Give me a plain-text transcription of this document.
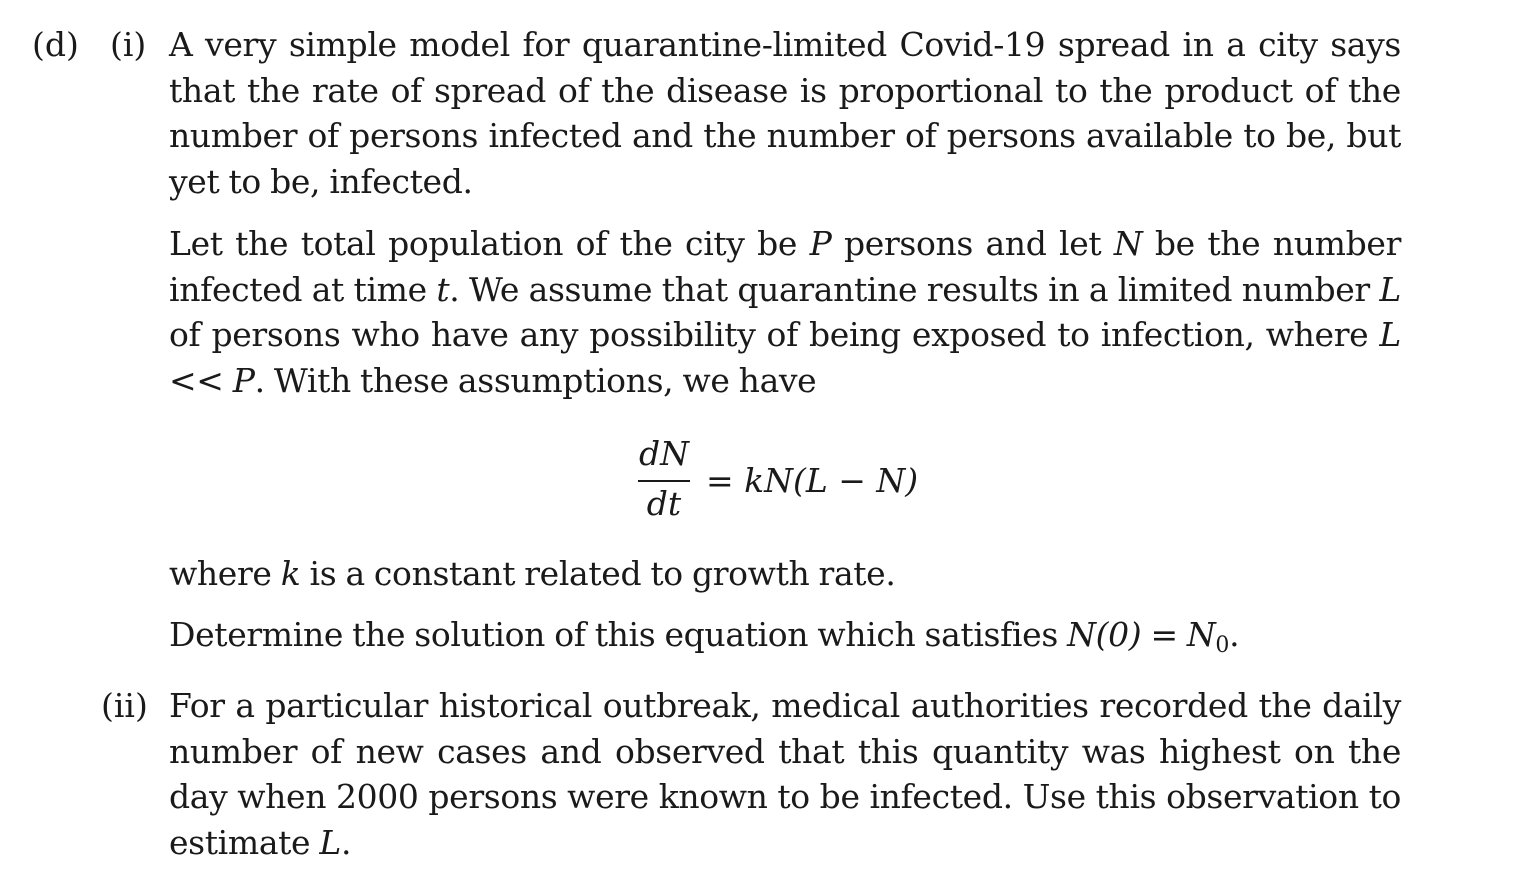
(d) (i)
(ii)
A very simple model for quarantine-limited Covid-19 spread in a city says that the rate of spread of the disease is proportional to the product of the number of persons infected and the number of persons available to be, but yet to be, infected.
Let the total population of the city be P persons and let N be the number infected at time t. We assume that quarantine results in a limited number L of persons who have any possibility of being exposed to infection, where L << P. With these assumptions, we have
dN
dt
= kN(L − N)
where k is a constant related to growth rate.
Determine the solution of this equation which satisfies $N(0) = N_0$.
For a particular historical outbreak, medical authorities recorded the daily number of new cases and observed that this quantity was highest on the day when 2000 persons were known to be infected. Use this observation to estimate L.
